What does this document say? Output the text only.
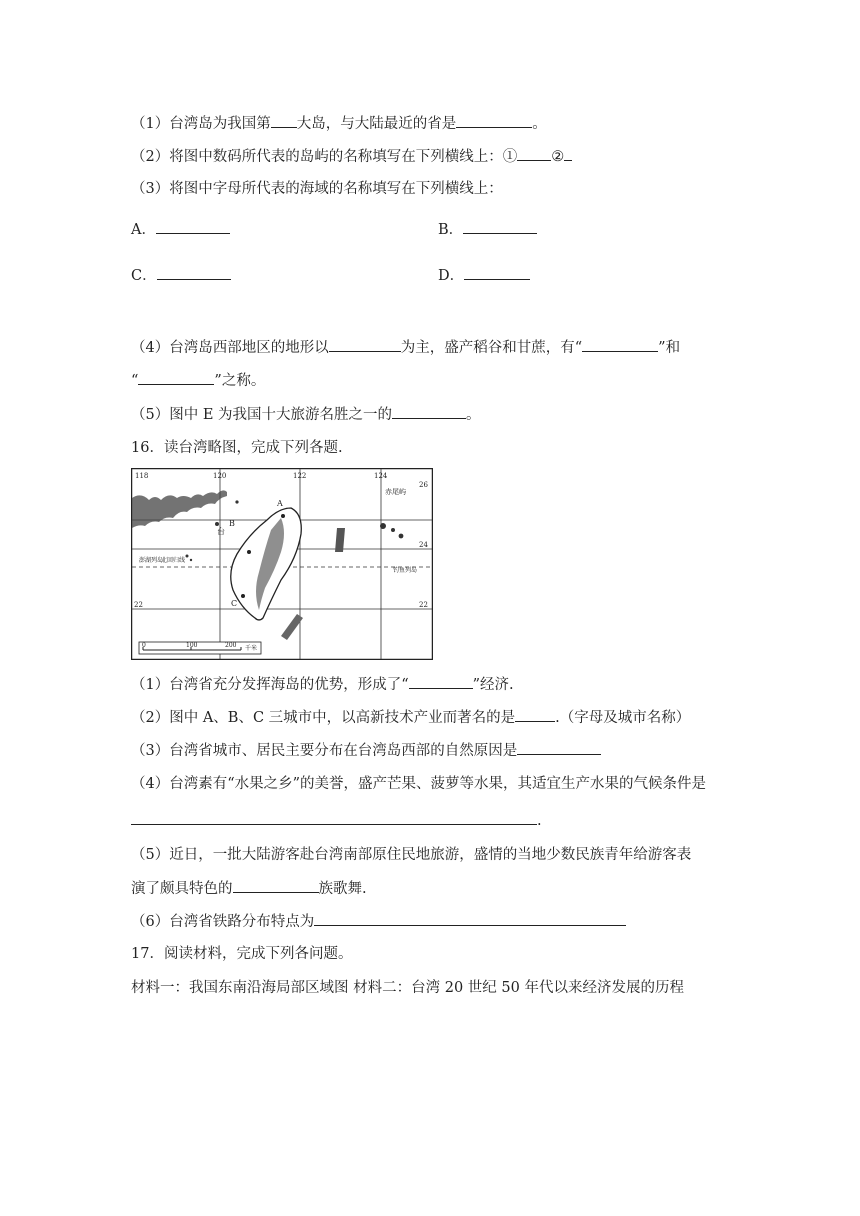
（1）台湾岛为我国第 大岛，与大陆最近的省是	。
（2）将图中数码所代表的岛屿的名称填写在下列横线上：① ②
（3）将图中字母所代表的海域的名称填写在下列横线上：
A．	B．
C．	D．
（4）台湾岛西部地区的地形以	为主，盛产稻谷和甘蔗，有“	”和
“	”之称。
（5）图中 E 为我国十大旅游名胜之一的	。
16．读台湾略图，完成下列各题.
118	120	122	124
26
24
22
22
赤尾屿
台
B
A
C
钓鱼列岛
澎湖列岛
北回归线
0	100	200 千米
（1）台湾省充分发挥海岛的优势，形成了“	”经济.
（2）图中 A、B、C 三城市中，以高新技术产业而著名的是	.（字母及城市名称）
（3）台湾省城市、居民主要分布在台湾岛西部的自然原因是
（4）台湾素有“水果之乡”的美誉，盛产芒果、菠萝等水果，其适宜生产水果的气候条件是
.
（5）近日，一批大陆游客赴台湾南部原住民地旅游，盛情的当地少数民族青年给游客表
演了颇具特色的	族歌舞.
（6）台湾省铁路分布特点为
17．阅读材料，完成下列各问题。
材料一：我国东南沿海局部区域图 材料二：台湾 20 世纪 50 年代以来经济发展的历程
